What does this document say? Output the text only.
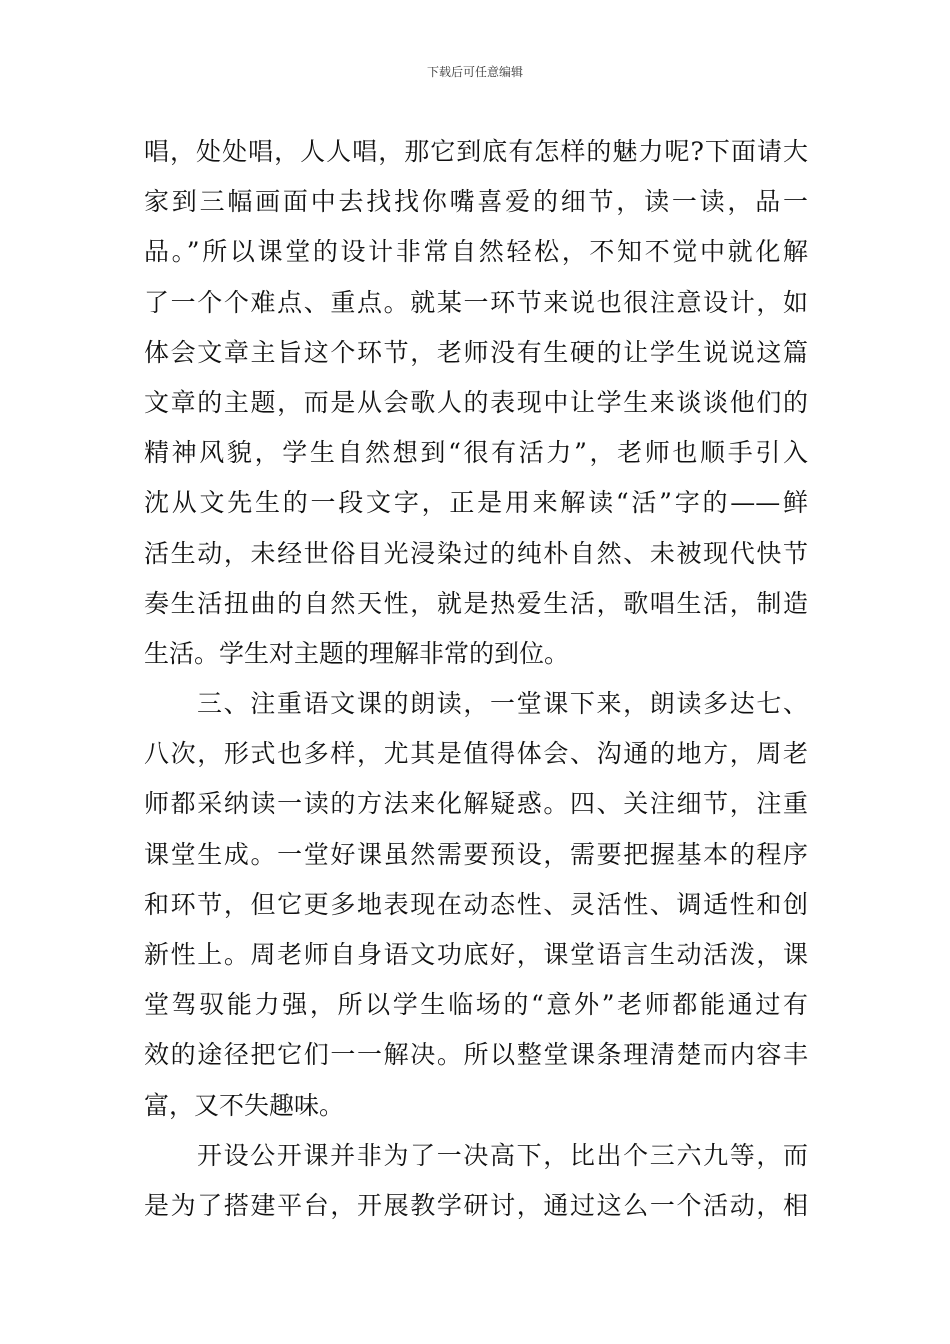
下载后可任意编辑
唱，处处唱，人人唱，那它到底有怎样的魅力呢?下面请大
家到三幅画面中去找找你嘴喜爱的细节，读一读，品一
品。”所以课堂的设计非常自然轻松，不知不觉中就化解
了一个个难点、重点。就某一环节来说也很注意设计，如
体会文章主旨这个环节，老师没有生硬的让学生说说这篇
文章的主题，而是从会歌人的表现中让学生来谈谈他们的
精神风貌，学生自然想到“很有活力”，老师也顺手引入
沈从文先生的一段文字，正是用来解读“活”字的——鲜
活生动，未经世俗目光浸染过的纯朴自然、未被现代快节
奏生活扭曲的自然天性，就是热爱生活，歌唱生活，制造
生活。学生对主题的理解非常的到位。
三、注重语文课的朗读，一堂课下来，朗读多达七、
八次，形式也多样，尤其是值得体会、沟通的地方，周老
师都采纳读一读的方法来化解疑惑。四、关注细节，注重
课堂生成。一堂好课虽然需要预设，需要把握基本的程序
和环节，但它更多地表现在动态性、灵活性、调适性和创
新性上。周老师自身语文功底好，课堂语言生动活泼，课
堂驾驭能力强，所以学生临场的“意外”老师都能通过有
效的途径把它们一一解决。所以整堂课条理清楚而内容丰
富，又不失趣味。
开设公开课并非为了一决高下，比出个三六九等，而
是为了搭建平台，开展教学研讨，通过这么一个活动，相
